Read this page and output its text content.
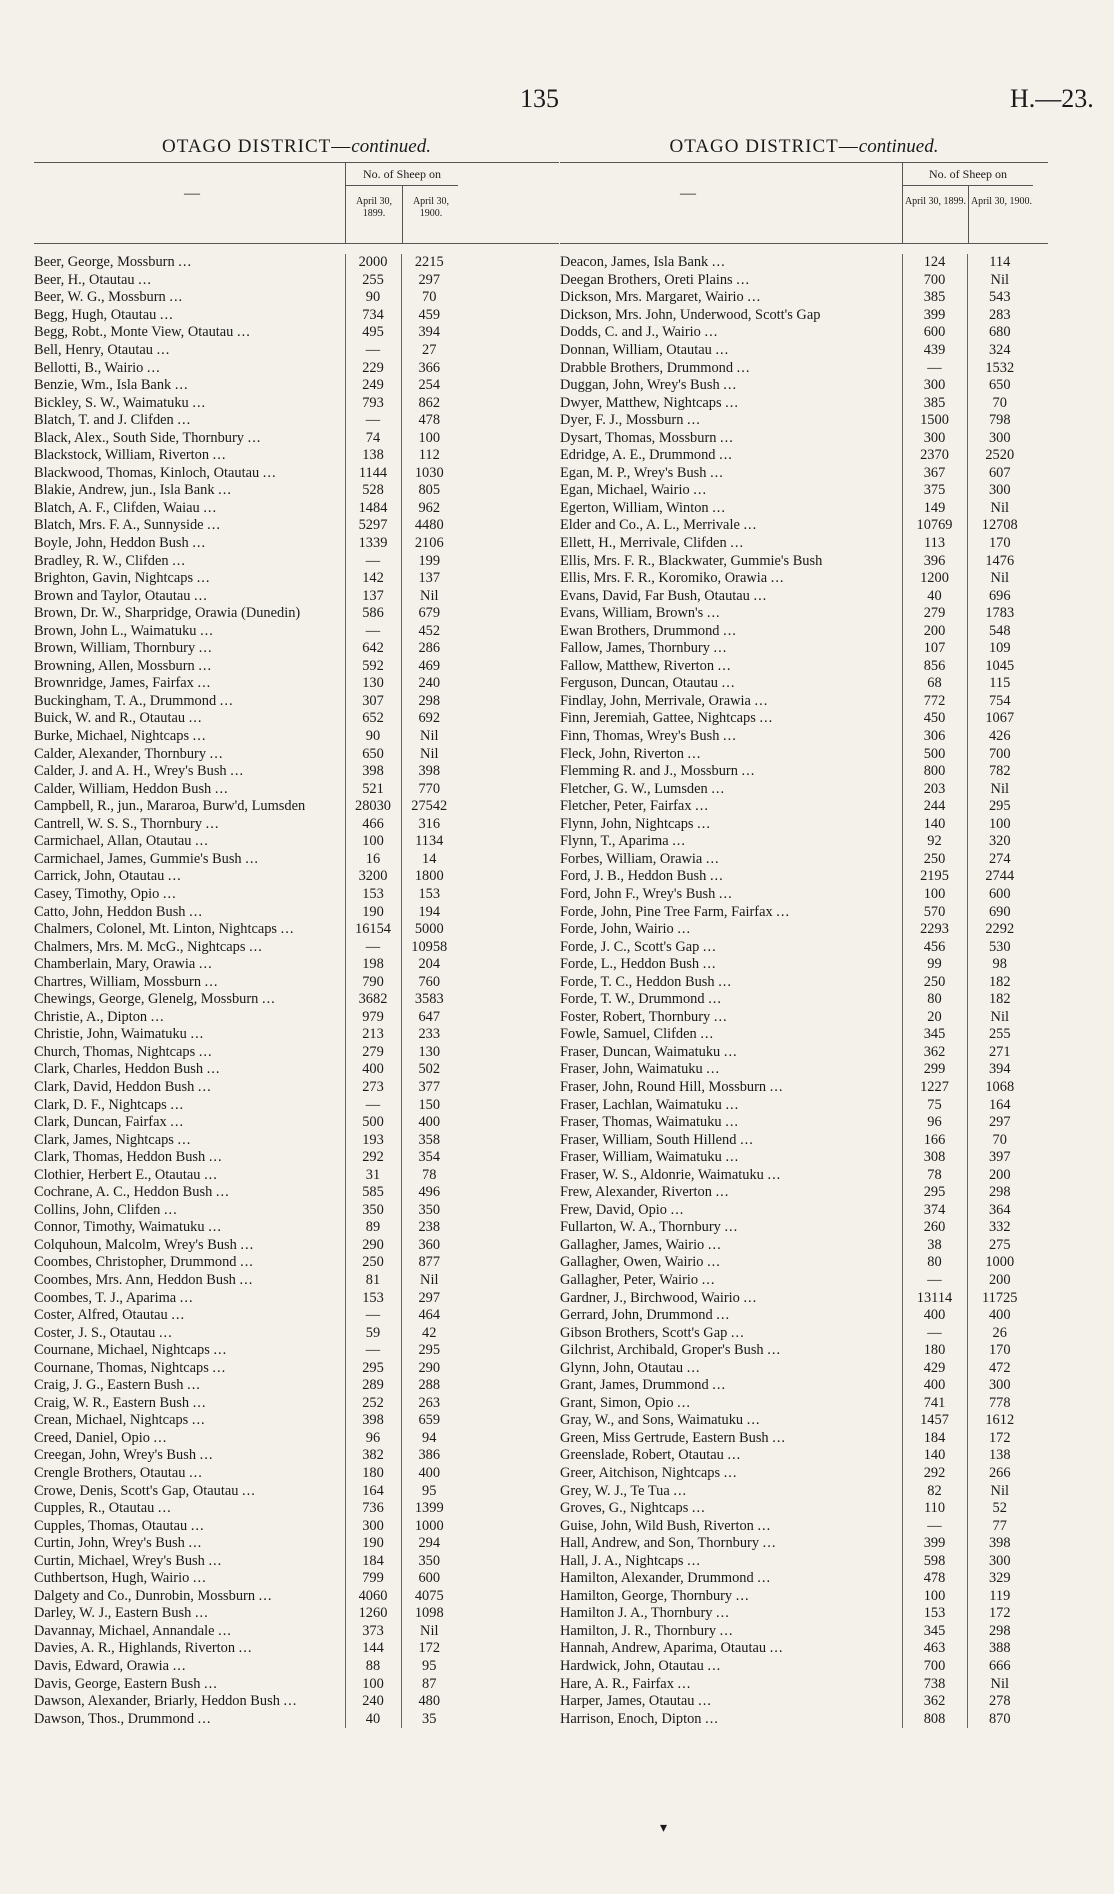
135	H.—23.
OTAGO DISTRICT—continued.
—
No. of Sheep on
April 30, 1899.
April 30, 1900.
Beer, George, Mossburn ...	2000	2215
Beer, H., Otautau ...	255	297
Beer, W. G., Mossburn ...	90	70
Begg, Hugh, Otautau ...	734	459
Begg, Robt., Monte View, Otautau ...	495	394
Bell, Henry, Otautau ...	—	27
Bellotti, B., Wairio ...	229	366
Benzie, Wm., Isla Bank ...	249	254
Bickley, S. W., Waimatuku ...	793	862
Blatch, T. and J. Clifden ...	—	478
Black, Alex., South Side, Thornbury ...	74	100
Blackstock, William, Riverton ...	138	112
Blackwood, Thomas, Kinloch, Otautau ...	1144	1030
Blakie, Andrew, jun., Isla Bank ...	528	805
Blatch, A. F., Clifden, Waiau ...	1484	962
Blatch, Mrs. F. A., Sunnyside ...	5297	4480
Boyle, John, Heddon Bush ...	1339	2106
Bradley, R. W., Clifden ...	—	199
Brighton, Gavin, Nightcaps ...	142	137
Brown and Taylor, Otautau ...	137	Nil
Brown, Dr. W., Sharpridge, Orawia (Dunedin)	586	679
Brown, John L., Waimatuku ...	—	452
Brown, William, Thornbury ...	642	286
Browning, Allen, Mossburn ...	592	469
Brownridge, James, Fairfax ...	130	240
Buckingham, T. A., Drummond ...	307	298
Buick, W. and R., Otautau ...	652	692
Burke, Michael, Nightcaps ...	90	Nil
Calder, Alexander, Thornbury ...	650	Nil
Calder, J. and A. H., Wrey's Bush ...	398	398
Calder, William, Heddon Bush ...	521	770
Campbell, R., jun., Mararoa, Burw'd, Lumsden	28030	27542
Cantrell, W. S. S., Thornbury ...	466	316
Carmichael, Allan, Otautau ...	100	1134
Carmichael, James, Gummie's Bush ...	16	14
Carrick, John, Otautau ...	3200	1800
Casey, Timothy, Opio ...	153	153
Catto, John, Heddon Bush ...	190	194
Chalmers, Colonel, Mt. Linton, Nightcaps ...	16154	5000
Chalmers, Mrs. M. McG., Nightcaps ...	—	10958
Chamberlain, Mary, Orawia ...	198	204
Chartres, William, Mossburn ...	790	760
Chewings, George, Glenelg, Mossburn ...	3682	3583
Christie, A., Dipton ...	979	647
Christie, John, Waimatuku ...	213	233
Church, Thomas, Nightcaps ...	279	130
Clark, Charles, Heddon Bush ...	400	502
Clark, David, Heddon Bush ...	273	377
Clark, D. F., Nightcaps ...	—	150
Clark, Duncan, Fairfax ...	500	400
Clark, James, Nightcaps ...	193	358
Clark, Thomas, Heddon Bush ...	292	354
Clothier, Herbert E., Otautau ...	31	78
Cochrane, A. C., Heddon Bush ...	585	496
Collins, John, Clifden ...	350	350
Connor, Timothy, Waimatuku ...	89	238
Colquhoun, Malcolm, Wrey's Bush ...	290	360
Coombes, Christopher, Drummond ...	250	877
Coombes, Mrs. Ann, Heddon Bush ...	81	Nil
Coombes, T. J., Aparima ...	153	297
Coster, Alfred, Otautau ...	—	464
Coster, J. S., Otautau ...	59	42
Cournane, Michael, Nightcaps ...	—	295
Cournane, Thomas, Nightcaps ...	295	290
Craig, J. G., Eastern Bush ...	289	288
Craig, W. R., Eastern Bush ...	252	263
Crean, Michael, Nightcaps ...	398	659
Creed, Daniel, Opio ...	96	94
Creegan, John, Wrey's Bush ...	382	386
Crengle Brothers, Otautau ...	180	400
Crowe, Denis, Scott's Gap, Otautau ...	164	95
Cupples, R., Otautau ...	736	1399
Cupples, Thomas, Otautau ...	300	1000
Curtin, John, Wrey's Bush ...	190	294
Curtin, Michael, Wrey's Bush ...	184	350
Cuthbertson, Hugh, Wairio ...	799	600
Dalgety and Co., Dunrobin, Mossburn ...	4060	4075
Darley, W. J., Eastern Bush ...	1260	1098
Davannay, Michael, Annandale ...	373	Nil
Davies, A. R., Highlands, Riverton ...	144	172
Davis, Edward, Orawia ...	88	95
Davis, George, Eastern Bush ...	100	87
Dawson, Alexander, Briarly, Heddon Bush ...	240	480
Dawson, Thos., Drummond ...	40	35
OTAGO DISTRICT—continued.
—
No. of Sheep on
April 30, 1899. April 30, 1900.
Deacon, James, Isla Bank ...	124	114
Deegan Brothers, Oreti Plains ...	700	Nil
Dickson, Mrs. Margaret, Wairio ...	385	543
Dickson, Mrs. John, Underwood, Scott's Gap	399	283
Dodds, C. and J., Wairio ...	600	680
Donnan, William, Otautau ...	439	324
Drabble Brothers, Drummond ...	—	1532
Duggan, John, Wrey's Bush ...	300	650
Dwyer, Matthew, Nightcaps ...	385	70
Dyer, F. J., Mossburn ...	1500	798
Dysart, Thomas, Mossburn ...	300	300
Edridge, A. E., Drummond ...	2370	2520
Egan, M. P., Wrey's Bush ...	367	607
Egan, Michael, Wairio ...	375	300
Egerton, William, Winton ...	149	Nil
Elder and Co., A. L., Merrivale ...	10769	12708
Ellett, H., Merrivale, Clifden ...	113	170
Ellis, Mrs. F. R., Blackwater, Gummie's Bush	396	1476
Ellis, Mrs. F. R., Koromiko, Orawia ...	1200	Nil
Evans, David, Far Bush, Otautau ...	40	696
Evans, William, Brown's ...	279	1783
Ewan Brothers, Drummond ...	200	548
Fallow, James, Thornbury ...	107	109
Fallow, Matthew, Riverton ...	856	1045
Ferguson, Duncan, Otautau ...	68	115
Findlay, John, Merrivale, Orawia ...	772	754
Finn, Jeremiah, Gattee, Nightcaps ...	450	1067
Finn, Thomas, Wrey's Bush ...	306	426
Fleck, John, Riverton ...	500	700
Flemming R. and J., Mossburn ...	800	782
Fletcher, G. W., Lumsden ...	203	Nil
Fletcher, Peter, Fairfax ...	244	295
Flynn, John, Nightcaps ...	140	100
Flynn, T., Aparima ...	92	320
Forbes, William, Orawia ...	250	274
Ford, J. B., Heddon Bush ...	2195	2744
Ford, John F., Wrey's Bush ...	100	600
Forde, John, Pine Tree Farm, Fairfax ...	570	690
Forde, John, Wairio ...	2293	2292
Forde, J. C., Scott's Gap ...	456	530
Forde, L., Heddon Bush ...	99	98
Forde, T. C., Heddon Bush ...	250	182
Forde, T. W., Drummond ...	80	182
Foster, Robert, Thornbury ...	20	Nil
Fowle, Samuel, Clifden ...	345	255
Fraser, Duncan, Waimatuku ...	362	271
Fraser, John, Waimatuku ...	299	394
Fraser, John, Round Hill, Mossburn ...	1227	1068
Fraser, Lachlan, Waimatuku ...	75	164
Fraser, Thomas, Waimatuku ...	96	297
Fraser, William, South Hillend ...	166	70
Fraser, William, Waimatuku ...	308	397
Fraser, W. S., Aldonrie, Waimatuku ...	78	200
Frew, Alexander, Riverton ...	295	298
Frew, David, Opio ...	374	364
Fullarton, W. A., Thornbury ...	260	332
Gallagher, James, Wairio ...	38	275
Gallagher, Owen, Wairio ...	80	1000
Gallagher, Peter, Wairio ...	—	200
Gardner, J., Birchwood, Wairio ...	13114	11725
Gerrard, John, Drummond ...	400	400
Gibson Brothers, Scott's Gap ...	—	26
Gilchrist, Archibald, Groper's Bush ...	180	170
Glynn, John, Otautau ...	429	472
Grant, James, Drummond ...	400	300
Grant, Simon, Opio ...	741	778
Gray, W., and Sons, Waimatuku ...	1457	1612
Green, Miss Gertrude, Eastern Bush ...	184	172
Greenslade, Robert, Otautau ...	140	138
Greer, Aitchison, Nightcaps ...	292	266
Grey, W. J., Te Tua ...	82	Nil
Groves, G., Nightcaps ...	110	52
Guise, John, Wild Bush, Riverton ...	—	77
Hall, Andrew, and Son, Thornbury ...	399	398
Hall, J. A., Nightcaps ...	598	300
Hamilton, Alexander, Drummond ...	478	329
Hamilton, George, Thornbury ...	100	119
Hamilton J. A., Thornbury ...	153	172
Hamilton, J. R., Thornbury ...	345	298
Hannah, Andrew, Aparima, Otautau ...	463	388
Hardwick, John, Otautau ...	700	666
Hare, A. R., Fairfax ...	738	Nil
Harper, James, Otautau ...	362	278
Harrison, Enoch, Dipton ...	808	870
▾
